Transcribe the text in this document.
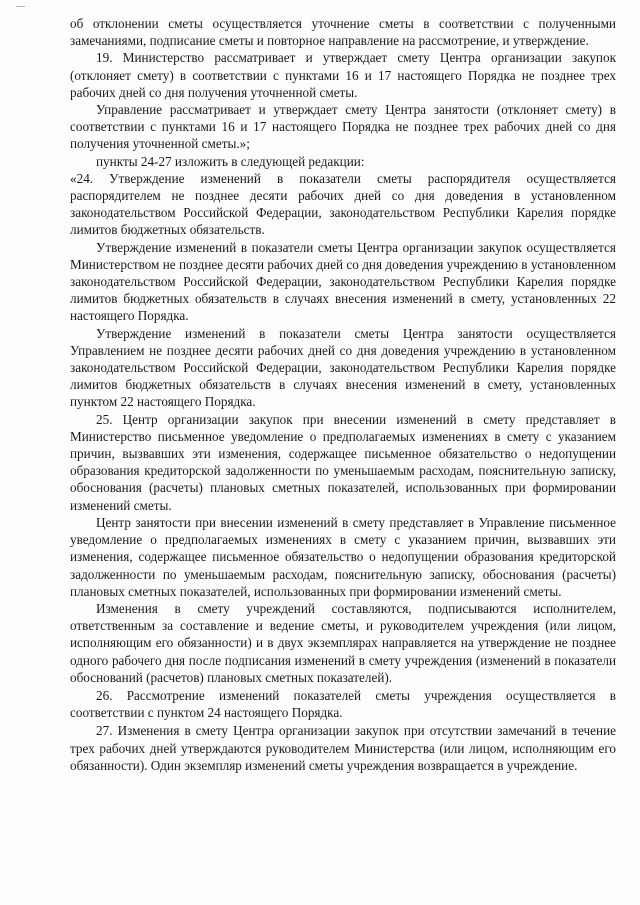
об отклонении сметы осуществляется уточнение сметы в соответствии с полученными замечаниями, подписание сметы и повторное направление на рассмотрение, и утверждение.

19. Министерство рассматривает и утверждает смету Центра организации закупок (отклоняет смету) в соответствии с пунктами 16 и 17 настоящего Порядка не позднее трех рабочих дней со дня получения уточненной сметы.

Управление рассматривает и утверждает смету Центра занятости (отклоняет смету) в соответствии с пунктами 16 и 17 настоящего Порядка не позднее трех рабочих дней со дня получения уточненной сметы.»;

пункты 24-27 изложить в следующей редакции:

«24. Утверждение изменений в показатели сметы распорядителя осуществляется распорядителем не позднее десяти рабочих дней со дня доведения в установленном законодательством Российской Федерации, законодательством Республики Карелия порядке лимитов бюджетных обязательств.

Утверждение изменений в показатели сметы Центра организации закупок осуществляется Министерством не позднее десяти рабочих дней со дня доведения учреждению в установленном законодательством Российской Федерации, законодательством Республики Карелия порядке лимитов бюджетных обязательств в случаях внесения изменений в смету, установленных 22 настоящего Порядка.

Утверждение изменений в показатели сметы Центра занятости осуществляется Управлением не позднее десяти рабочих дней со дня доведения учреждению в установленном законодательством Российской Федерации, законодательством Республики Карелия порядке лимитов бюджетных обязательств в случаях внесения изменений в смету, установленных пунктом 22 настоящего Порядка.

25. Центр организации закупок при внесении изменений в смету представляет в Министерство письменное уведомление о предполагаемых изменениях в смету с указанием причин, вызвавших эти изменения, содержащее письменное обязательство о недопущении образования кредиторской задолженности по уменьшаемым расходам, пояснительную записку, обоснования (расчеты) плановых сметных показателей, использованных при формировании изменений сметы.

Центр занятости при внесении изменений в смету представляет в Управление письменное уведомление о предполагаемых изменениях в смету с указанием причин, вызвавших эти изменения, содержащее письменное обязательство о недопущении образования кредиторской задолженности по уменьшаемым расходам, пояснительную записку, обоснования (расчеты) плановых сметных показателей, использованных при формировании изменений сметы.

Изменения в смету учреждений составляются, подписываются исполнителем, ответственным за составление и ведение сметы, и руководителем учреждения (или лицом, исполняющим его обязанности) и в двух экземплярах направляется на утверждение не позднее одного рабочего дня после подписания изменений в смету учреждения (изменений в показатели обоснований (расчетов) плановых сметных показателей).

26. Рассмотрение изменений показателей сметы учреждения осуществляется в соответствии с пунктом 24 настоящего Порядка.

27. Изменения в смету Центра организации закупок при отсутствии замечаний в течение трех рабочих дней утверждаются руководителем Министерства (или лицом, исполняющим его обязанности). Один экземпляр изменений сметы учреждения возвращается в учреждение.
